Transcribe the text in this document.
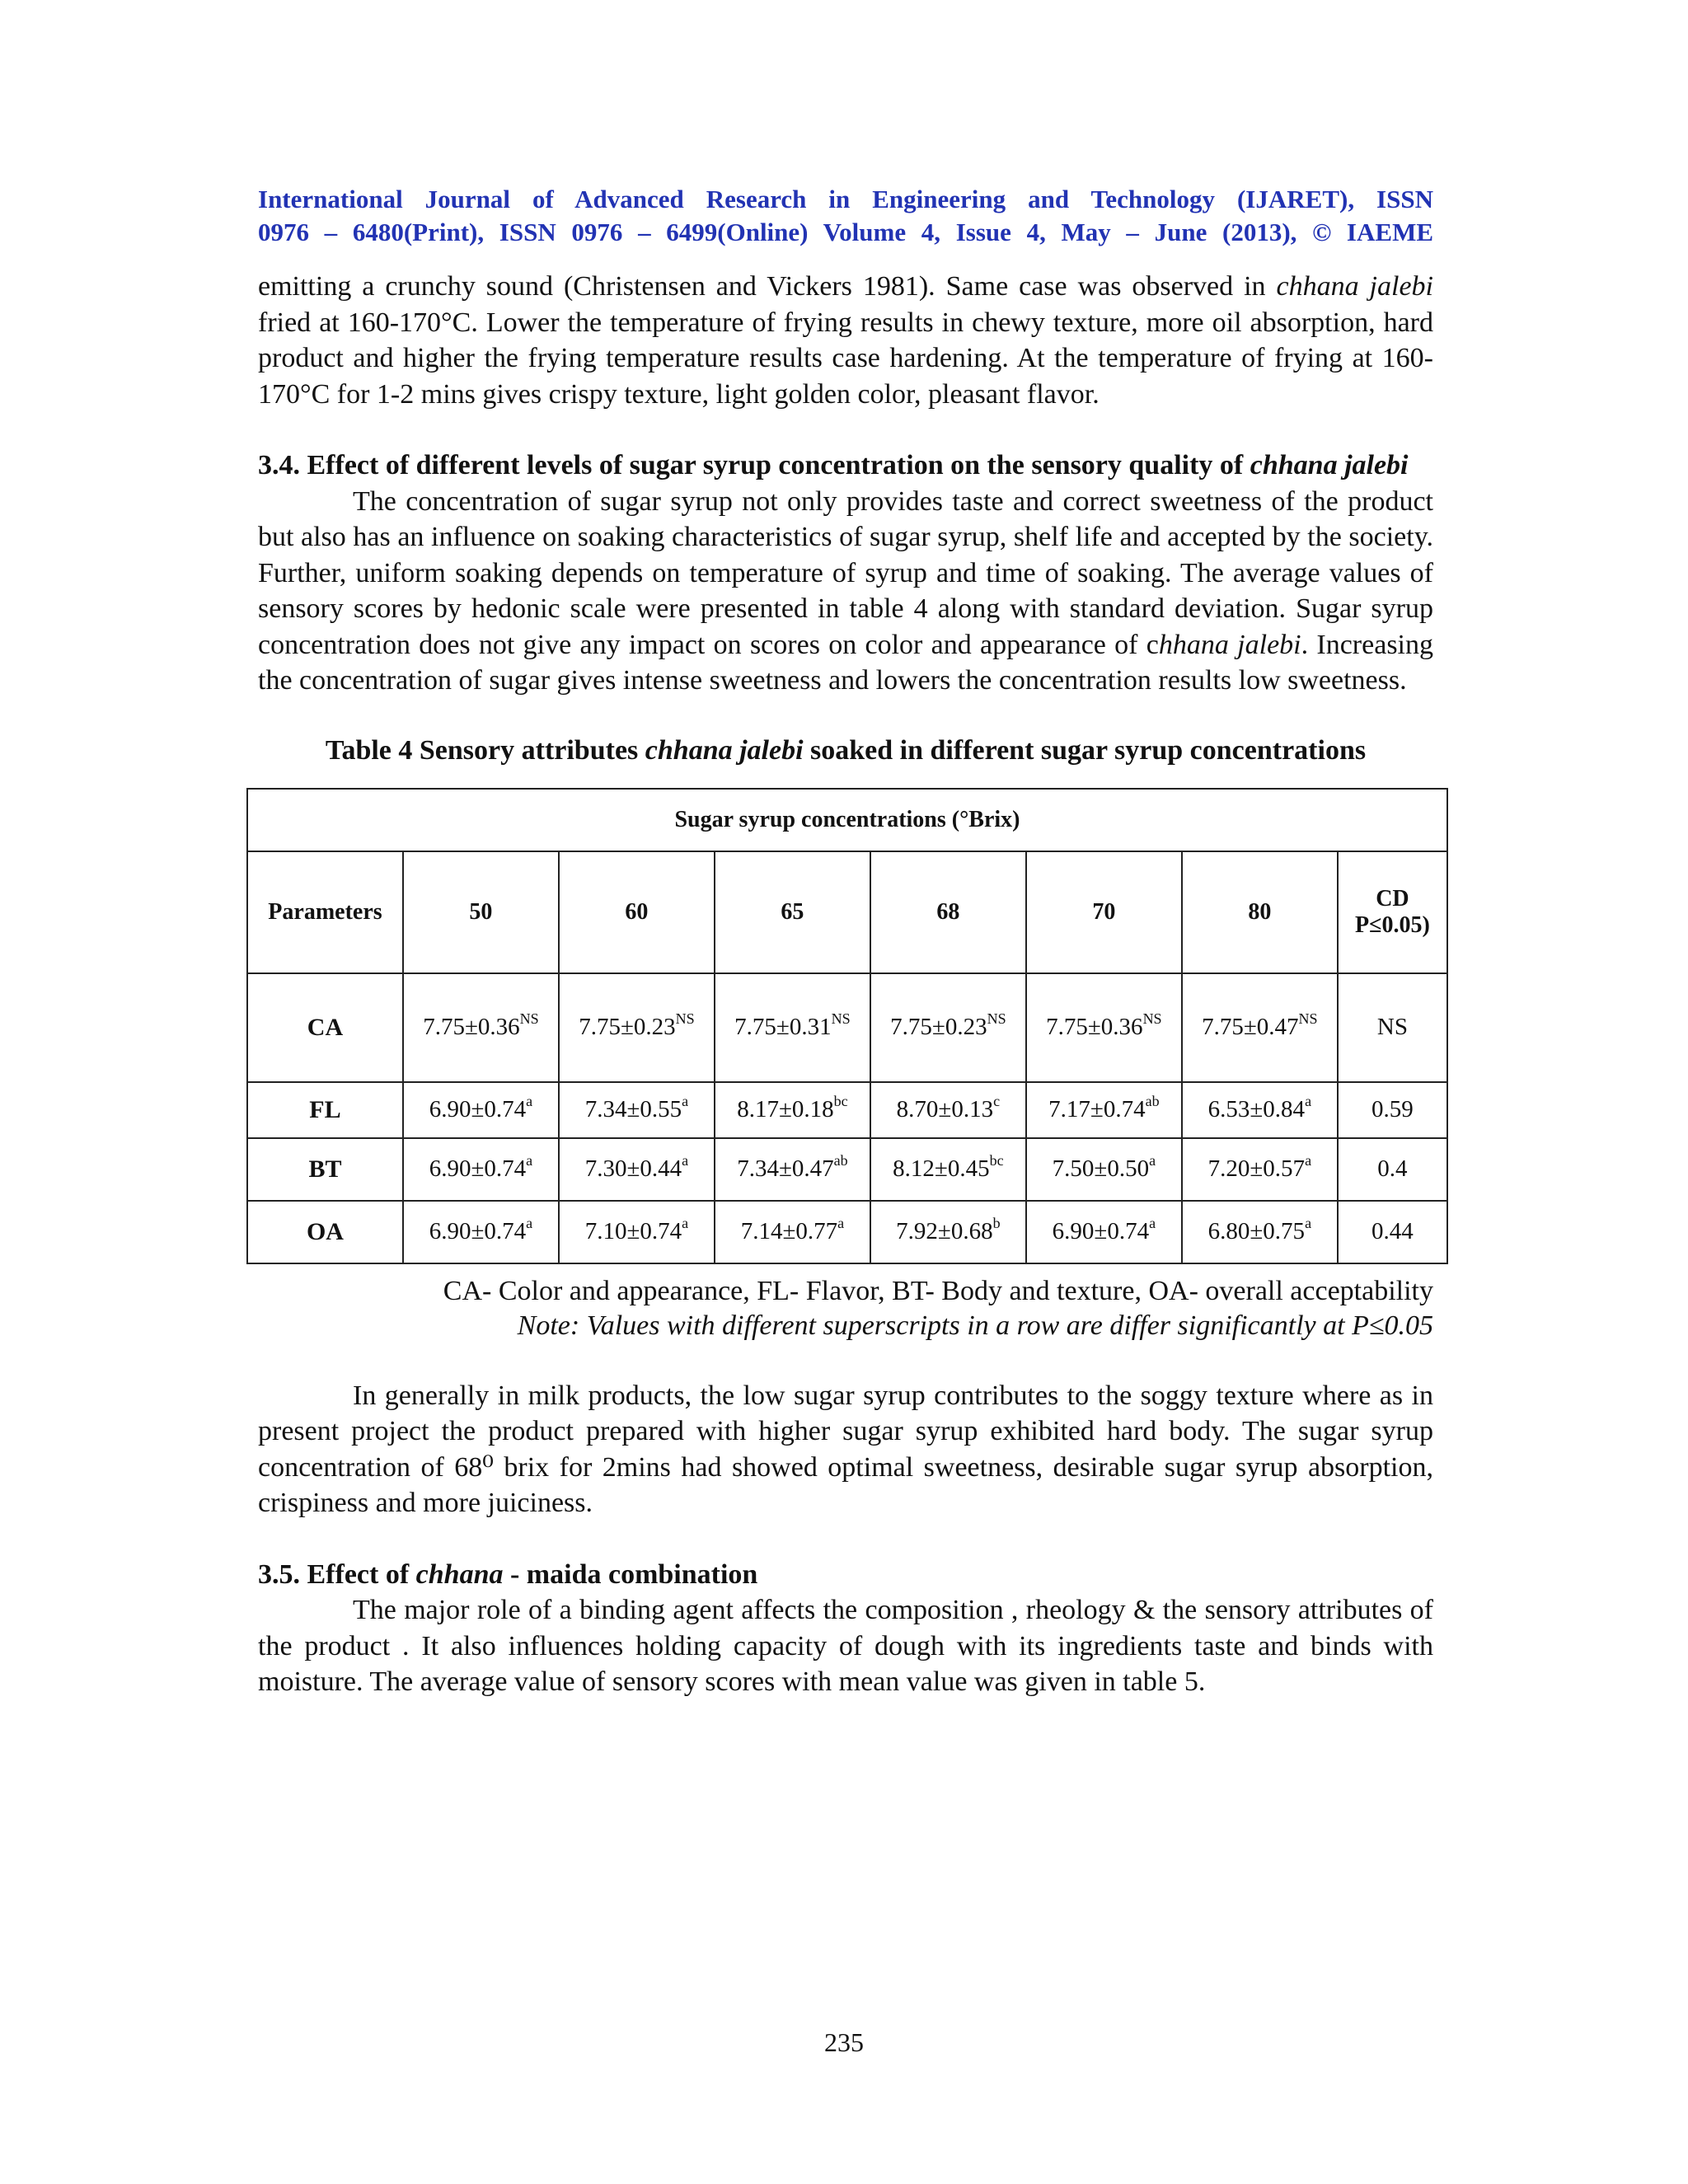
International Journal of Advanced Research in Engineering and Technology (IJARET), ISSN
0976 – 6480(Print), ISSN 0976 – 6499(Online) Volume 4, Issue 4, May – June (2013), © IAEME

emitting a crunchy sound (Christensen and Vickers 1981). Same case was observed in chhana jalebi fried at 160-170°C. Lower the temperature of frying results in chewy texture, more oil absorption, hard product and higher the frying temperature results case hardening. At the temperature of frying at 160-170°C for 1-2 mins gives crispy texture, light golden color, pleasant flavor.

3.4. Effect of different levels of sugar syrup concentration on the sensory quality of chhana jalebi

The concentration of sugar syrup not only provides taste and correct sweetness of the product but also has an influence on soaking characteristics of sugar syrup, shelf life and accepted by the society. Further, uniform soaking depends on temperature of syrup and time of soaking. The average values of sensory scores by hedonic scale were presented in table 4 along with standard deviation. Sugar syrup concentration does not give any impact on scores on color and appearance of chhana jalebi. Increasing the concentration of sugar gives intense sweetness and lowers the concentration results low sweetness.

Table 4 Sensory attributes chhana jalebi soaked in different sugar syrup concentrations
Sugar syrup concentrations (°Brix)							
Parameters	50	60	65	68	70	80	CD
P≤0.05)
CA	$7.75\pm 0.36^{NS}$	$7.75\pm 0.23^{NS}$	$7.75\pm 0.31^{NS}$	$7.75\pm 0.23^{NS}$	$7.75\pm 0.36^{NS}$	$7.75\pm 0.47^{NS}$	NS
FL	6.90±0.74$^a$	7.34±0.55$^a$	8.17±0.18$^{bc}$	8.70±0.13$^c$	7.17±0.74$^{ab}$	6.53±0.84$^a$	0.59
BT	6.90±0.74$^a$	7.30±0.44$^a$	7.34±0.47$^{ab}$	8.12±0.45$^{bc}$	7.50±0.50$^a$	7.20±0.57$^a$	0.4
OA	6.90±0.74$^a$	7.10±0.74$^a$	7.14±0.77$^a$	7.92±0.68$^b$	6.90±0.74$^a$	6.80±0.75$^a$	0.44
CA- Color and appearance, FL- Flavor, BT- Body and texture, OA- overall acceptability
Note: Values with different superscripts in a row are differ significantly at P≤0.05

In generally in milk products, the low sugar syrup contributes to the soggy texture where as in present project the product prepared with higher sugar syrup exhibited hard body. The sugar syrup concentration of 68⁰ brix for 2mins had showed optimal sweetness, desirable sugar syrup absorption, crispiness and more juiciness.

3.5. Effect of chhana - maida combination

The major role of a binding agent affects the composition , rheology & the sensory attributes of the product . It also influences holding capacity of dough with its ingredients taste and binds with moisture. The average value of sensory scores with mean value was given in table 5.

235
